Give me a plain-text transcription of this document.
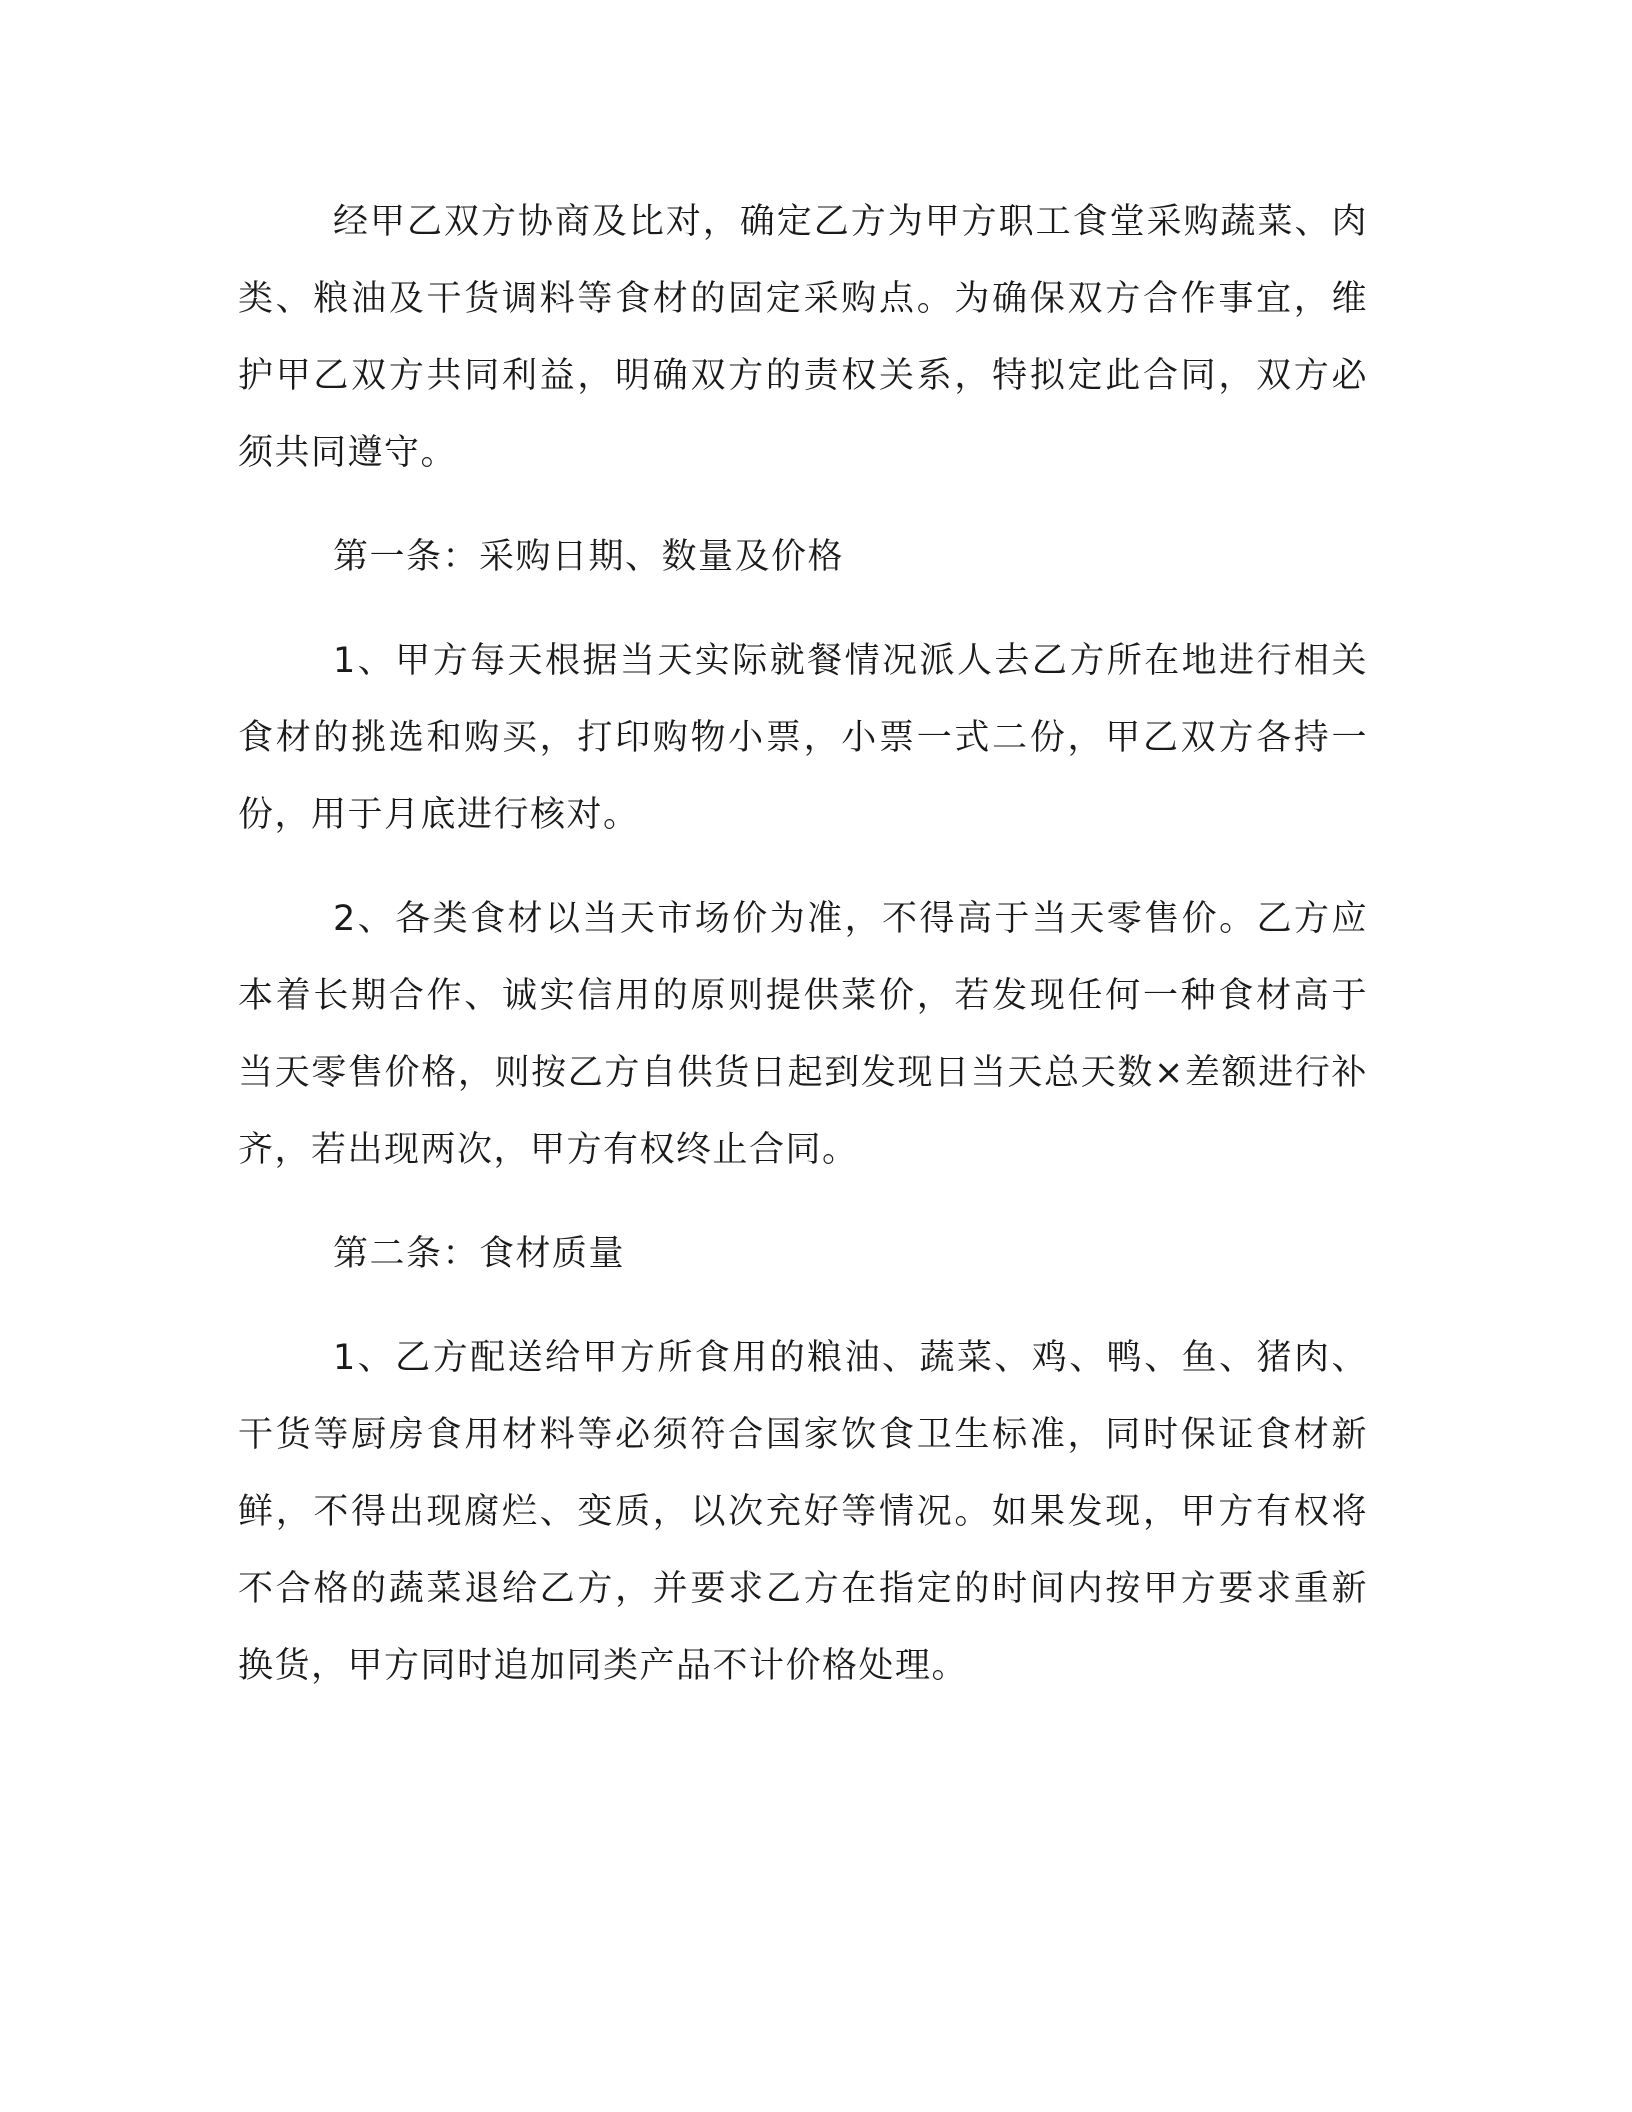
经甲乙双方协商及比对，确定乙方为甲方职工食堂采购蔬菜、肉类、粮油及干货调料等食材的固定采购点。为确保双方合作事宜，维护甲乙双方共同利益，明确双方的责权关系，特拟定此合同，双方必须共同遵守。

第一条：采购日期、数量及价格

1、甲方每天根据当天实际就餐情况派人去乙方所在地进行相关食材的挑选和购买，打印购物小票，小票一式二份，甲乙双方各持一份，用于月底进行核对。

2、各类食材以当天市场价为准，不得高于当天零售价。乙方应本着长期合作、诚实信用的原则提供菜价，若发现任何一种食材高于当天零售价格，则按乙方自供货日起到发现日当天总天数×差额进行补齐，若出现两次，甲方有权终止合同。

第二条：食材质量

1、乙方配送给甲方所食用的粮油、蔬菜、鸡、鸭、鱼、猪肉、干货等厨房食用材料等必须符合国家饮食卫生标准，同时保证食材新鲜，不得出现腐烂、变质，以次充好等情况。如果发现，甲方有权将不合格的蔬菜退给乙方，并要求乙方在指定的时间内按甲方要求重新换货，甲方同时追加同类产品不计价格处理。
